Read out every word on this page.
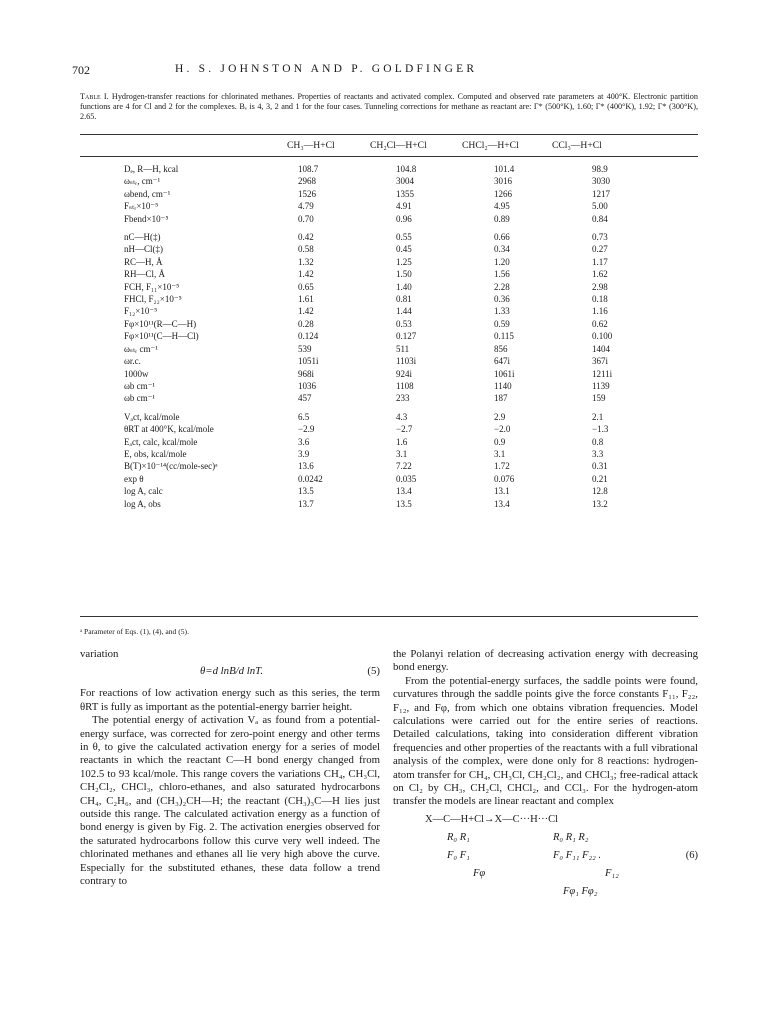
702	H. S. JOHNSTON AND P. GOLDFINGER
Table I. Hydrogen-transfer reactions for chlorinated methanes. Properties of reactants and activated complex. Computed and observed rate parameters at 400°K. Electronic partition functions are 4 for Cl and 2 for the complexes. Bₑ is 4, 3, 2 and 1 for the four cases. Tunneling corrections for methane as reactant are: Γ* (500°K), 1.60; Γ* (400°K), 1.92; Γ* (300°K), 2.65.
CH₃—H+Cl	CH₂Cl—H+Cl	CHCl₂—H+Cl	CCl₃—H+Cl
Dₑ, R—H, kcal	108.7	104.8	101.4	98.9
ωₛₜᵣ, cm⁻¹	2968	3004	3016	3030
ωbend, cm⁻¹	1526	1355	1266	1217
Fₛₜᵣ×10⁻⁵	4.79	4.91	4.95	5.00
Fbend×10⁻⁵	0.70	0.96	0.89	0.84

nC—H(‡)	0.42	0.55	0.66	0.73
nH—Cl(‡)	0.58	0.45	0.34	0.27
RC—H, Å	1.32	1.25	1.20	1.17
RH—Cl, Å	1.42	1.50	1.56	1.62
FCH, F₁₁×10⁻⁵	0.65	1.40	2.28	2.98
FHCl, F₂₂×10⁻⁵	1.61	0.81	0.36	0.18
F₁₂×10⁻⁵	1.42	1.44	1.33	1.16
Fφ×10¹¹(R—C—H)	0.28	0.53	0.59	0.62
Fφ×10¹¹(C—H—Cl)	0.124	0.127	0.115	0.100
ωₛₜᵣ cm⁻¹	539	511	856	1404
ωr.c.	1051i	1103i	647i	367i
1000w	968i	924i	1061i	1211i
ωb cm⁻¹	1036	1108	1140	1139
ωb cm⁻¹	457	233	187	159

Vₐct, kcal/mole	6.5	4.3	2.9	2.1
θRT at 400°K, kcal/mole	−2.9	−2.7	−2.0	−1.3
Eₐct, calc, kcal/mole	3.6	1.6	0.9	0.8
E, obs, kcal/mole	3.9	3.1	3.1	3.3
B(T)×10⁻¹⁴(cc/mole-sec)ᵃ	13.6	7.22	1.72	0.31
exp θ	0.0242	0.035	0.076	0.21
log A, calc	13.5	13.4	13.1	12.8
log A, obs	13.7	13.5	13.4	13.2
ᵃ Parameter of Eqs. (1), (4), and (5).

variation

θ=d lnB/d lnT.	(5)

For reactions of low activation energy such as this series, the term θRT is fully as important as the potential-energy barrier height.

The potential energy of activation Vₐ as found from a potential-energy surface, was corrected for zero-point energy and other terms in θ, to give the calculated activation energy for a series of model reactants in which the reactant C—H bond energy changed from 102.5 to 93 kcal/mole. This range covers the variations CH₄, CH₃Cl, CH₂Cl₂, CHCl₃, chloro-ethanes, and also saturated hydrocarbons CH₄, C₂H₆, and (CH₃)₂CH—H; the reactant (CH₃)₃C—H lies just outside this range. The calculated activation energy as a function of bond energy is given by Fig. 2. The activation energies observed for the saturated hydrocarbons follow this curve very well indeed. The chlorinated methanes and ethanes all lie very high above the curve. Especially for the substituted ethanes, these data follow a trend contrary to

the Polanyi relation of decreasing activation energy with decreasing bond energy.

From the potential-energy surfaces, the saddle points were found, curvatures through the saddle points give the force constants F₁₁, F₂₂, F₁₂, and Fφ, from which one obtains vibration frequencies. Model calculations were carried out for the entire series of reactions. Detailed calculations, taking into consideration different vibration frequencies and other properties of the reactants with a full vibrational analysis of the complex, were done only for 8 reactions: hydrogen-atom transfer for CH₄, CH₃Cl, CH₂Cl₂, and CHCl₃; free-radical attack on Cl₂ by CH₃, CH₂Cl, CHCl₂, and CCl₃. For the hydrogen-atom transfer the models are linear reactant and complex

X—C—H+Cl→X—C···H···Cl
R₀ R₁
F₀ F₁
Fφ
R₀ R₁ R₂
F₀ F₁₁ F₂₂ .
F₁₂
Fφ₁ Fφ₂
(6)
